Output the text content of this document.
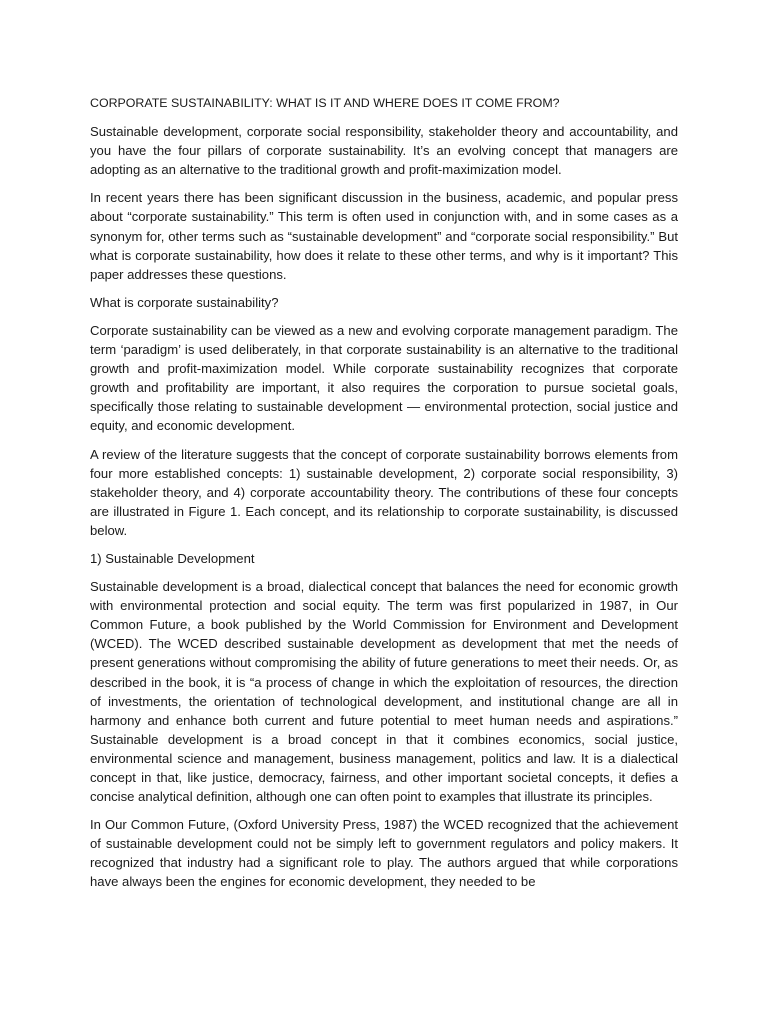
CORPORATE SUSTAINABILITY: WHAT IS IT AND WHERE DOES IT COME FROM?

Sustainable development, corporate social responsibility, stakeholder theory and accountability, and you have the four pillars of corporate sustainability. It’s an evolving concept that managers are adopting as an alternative to the traditional growth and profit-maximization model.

In recent years there has been significant discussion in the business, academic, and popular press about “corporate sustainability.” This term is often used in conjunction with, and in some cases as a synonym for, other terms such as “sustainable development” and “corporate social responsibility.” But what is corporate sustainability, how does it relate to these other terms, and why is it important? This paper addresses these questions.

What is corporate sustainability?

Corporate sustainability can be viewed as a new and evolving corporate management paradigm. The term ‘paradigm’ is used deliberately, in that corporate sustainability is an alternative to the traditional growth and profit-maximization model. While corporate sustainability recognizes that corporate growth and profitability are important, it also requires the corporation to pursue societal goals, specifically those relating to sustainable development — environmental protection, social justice and equity, and economic development.

A review of the literature suggests that the concept of corporate sustainability borrows elements from four more established concepts: 1) sustainable development, 2) corporate social responsibility, 3) stakeholder theory, and 4) corporate accountability theory. The contributions of these four concepts are illustrated in Figure 1. Each concept, and its relationship to corporate sustainability, is discussed below.

1) Sustainable Development

Sustainable development is a broad, dialectical concept that balances the need for economic growth with environmental protection and social equity. The term was first popularized in 1987, in Our Common Future, a book published by the World Commission for Environment and Development (WCED). The WCED described sustainable development as development that met the needs of present generations without compromising the ability of future generations to meet their needs. Or, as described in the book, it is “a process of change in which the exploitation of resources, the direction of investments, the orientation of technological development, and institutional change are all in harmony and enhance both current and future potential to meet human needs and aspirations.” Sustainable development is a broad concept in that it combines economics, social justice, environmental science and management, business management, politics and law. It is a dialectical concept in that, like justice, democracy, fairness, and other important societal concepts, it defies a concise analytical definition, although one can often point to examples that illustrate its principles.

In Our Common Future, (Oxford University Press, 1987) the WCED recognized that the achievement of sustainable development could not be simply left to government regulators and policy makers. It recognized that industry had a significant role to play. The authors argued that while corporations have always been the engines for economic development, they needed to be
